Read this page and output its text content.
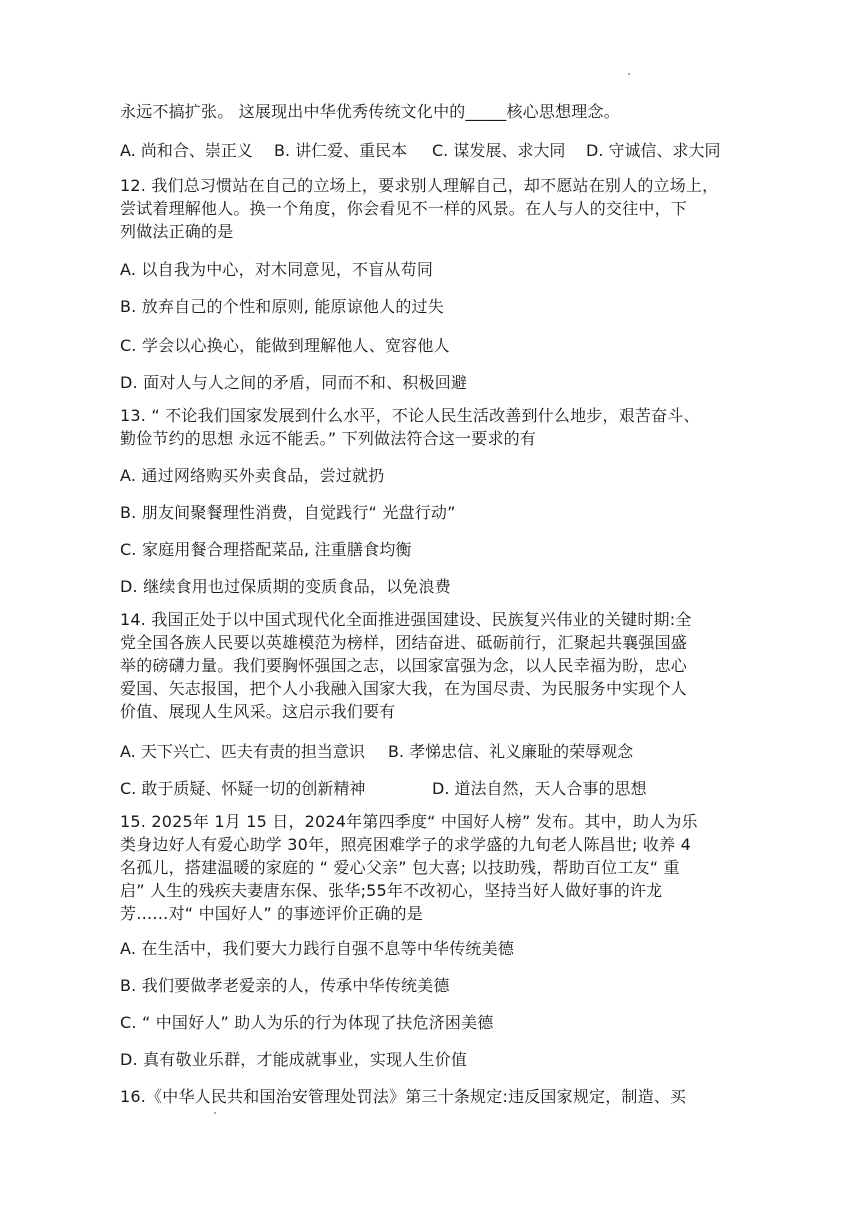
永远不搞扩张。 这展现出中华优秀传统文化中的_____核心思想理念。
A. 尚和合、崇正义 B. 讲仁爱、重民本 C. 谋发展、求大同 D. 守诚信、求大同
12. 我们总习惯站在自己的立场上，要求别人理解自己，却不愿站在别人的立场上，
尝试着理解他人。换一个角度，你会看见不一样的风景。在人与人的交往中，下
列做法正确的是
A. 以自我为中心，对木同意见，不盲从苟同
B. 放弃自己的个性和原则, 能原谅他人的过失
C. 学会以心换心，能做到理解他人、宽容他人
D. 面对人与人之间的矛盾，同而不和、积极回避
13. “ 不论我们国家发展到什么水平，不论人民生活改善到什么地步，艰苦奋斗、
勤俭节约的思想 永远不能丢。” 下列做法符合这一要求的有
A. 通过网络购买外卖食品，尝过就扔
B. 朋友间聚餐理性消费，自觉践行“ 光盘行动”
C. 家庭用餐合理搭配菜品, 注重膳食均衡
D. 继续食用也过保质期的变质食品，以免浪费
14. 我国正处于以中国式现代化全面推进强国建设、民族复兴伟业的关键时期:全
党全国各族人民要以英雄模范为榜样，团结奋进、砥砺前行，汇聚起共襄强国盛
举的磅礴力量。我们要胸怀强国之志，以国家富强为念，以人民幸福为盼，忠心
爱国、矢志报国，把个人小我融入国家大我，在为国尽责、为民服务中实现个人
价值、展现人生风采。这启示我们要有
A. 天下兴亡、匹夫有责的担当意识 B. 孝悌忠信、礼义廉耻的荣辱观念
C. 敢于质疑、怀疑一切的创新精神	D. 道法自然，天人合事的思想
15. 2025年 1月 15 日，2024年第四季度“ 中国好人榜” 发布。其中，助人为乐
类身边好人有爱心助学 30年，照亮困难学子的求学盛的九旬老人陈昌世; 收养 4
名孤儿，搭建温暖的家庭的 “ 爱心父亲” 包大喜; 以技助残，帮助百位工友“ 重
启” 人生的残疾夫妻唐东保、张华;55年不改初心，坚持当好人做好事的许龙
芳……对“ 中国好人” 的事迹评价正确的是
A. 在生活中，我们要大力践行自强不息等中华传统美德
B. 我们要做孝老爱亲的人，传承中华传统美德
C. “ 中国好人” 助人为乐的行为体现了扶危济困美德
D. 真有敬业乐群，才能成就事业，实现人生价值
16.《中华人民共和国治安管理处罚法》第三十条规定:违反国家规定，制造、买
